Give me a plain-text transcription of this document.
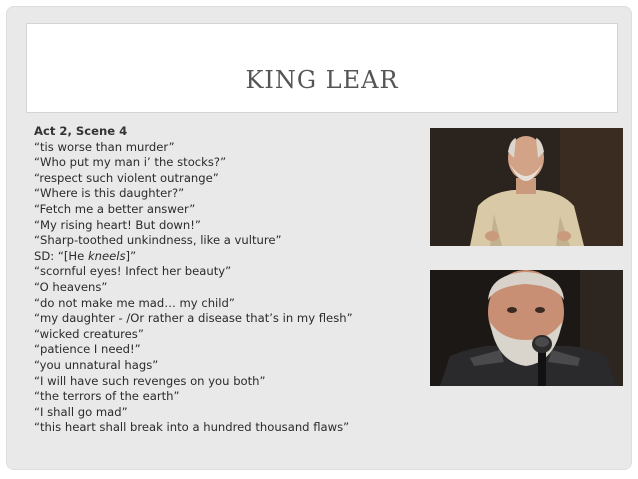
KING LEAR
Act 2, Scene 4
“tis worse than murder”
“Who put my man i’ the stocks?”
“respect such violent outrange”
“Where is this daughter?”
“Fetch me a better answer”
“My rising heart! But down!”
“Sharp-toothed unkindness, like a vulture”
SD: “[He kneels]”
“scornful eyes! Infect her beauty”
“O heavens”
“do not make me mad… my child”
“my daughter - /Or rather a disease that’s in my flesh”
“wicked creatures”
“patience I need!”
“you unnatural hags”
“I will have such revenges on you both”
“the terrors of the earth”
“I shall go mad”
“this heart shall break into a hundred thousand flaws”
